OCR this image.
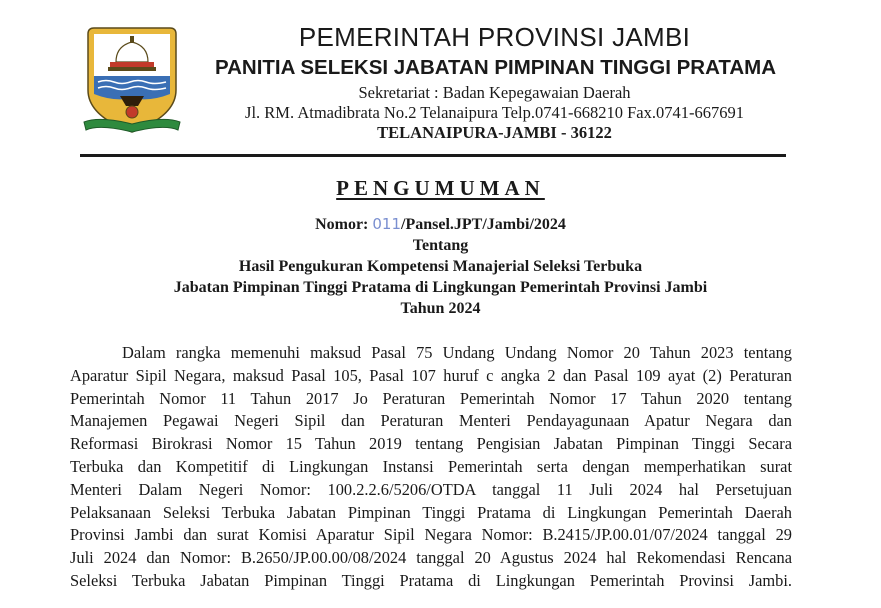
PEMERINTAH PROVINSI JAMBI
PANITIA SELEKSI JABATAN PIMPINAN TINGGI PRATAMA
Sekretariat : Badan Kepegawaian Daerah
Jl. RM. Atmadibrata No.2 Telanaipura Telp.0741-668210 Fax.0741-667691
TELANAIPURA-JAMBI - 36122
PENGUMUMAN
Nomor: 011/Pansel.JPT/Jambi/2024
Tentang
Hasil Pengukuran Kompetensi Manajerial Seleksi Terbuka
Jabatan Pimpinan Tinggi Pratama di Lingkungan Pemerintah Provinsi Jambi
Tahun 2024
Dalam rangka memenuhi maksud Pasal 75 Undang Undang Nomor 20 Tahun 2023 tentang
Aparatur Sipil Negara, maksud Pasal 105, Pasal 107 huruf c angka 2 dan Pasal 109 ayat (2) Peraturan
Pemerintah Nomor 11 Tahun 2017 Jo Peraturan Pemerintah Nomor 17 Tahun 2020 tentang
Manajemen Pegawai Negeri Sipil dan Peraturan Menteri Pendayagunaan Apatur Negara dan
Reformasi Birokrasi Nomor 15 Tahun 2019 tentang Pengisian Jabatan Pimpinan Tinggi Secara
Terbuka dan Kompetitif di Lingkungan Instansi Pemerintah serta dengan memperhatikan surat
Menteri Dalam Negeri Nomor: 100.2.2.6/5206/OTDA tanggal 11 Juli 2024 hal Persetujuan
Pelaksanaan Seleksi Terbuka Jabatan Pimpinan Tinggi Pratama di Lingkungan Pemerintah Daerah
Provinsi Jambi dan surat Komisi Aparatur Sipil Negara Nomor: B.2415/JP.00.01/07/2024 tanggal 29
Juli 2024 dan Nomor: B.2650/JP.00.00/08/2024 tanggal 20 Agustus 2024 hal Rekomendasi Rencana
Seleksi Terbuka Jabatan Pimpinan Tinggi Pratama di Lingkungan Pemerintah Provinsi Jambi.
